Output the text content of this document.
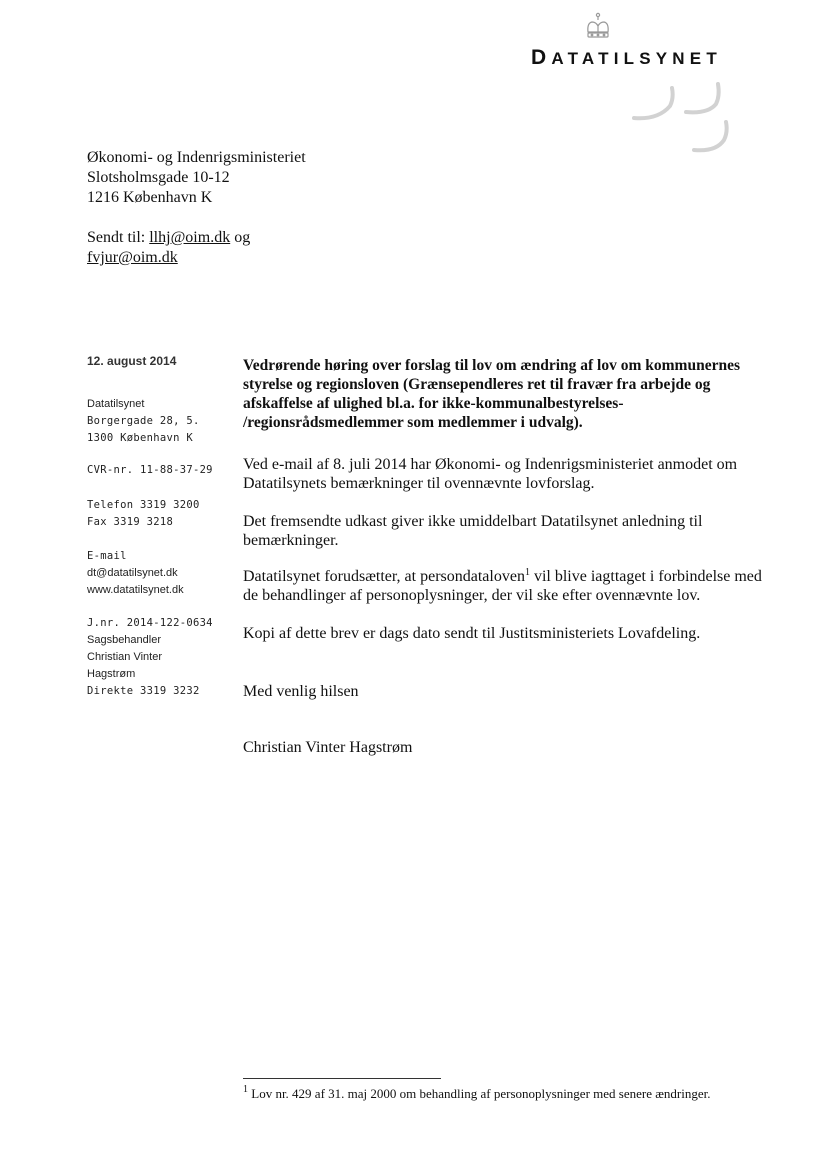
DATATILSYNET
Økonomi- og Indenrigsministeriet
Slotsholmsgade 10-12
1216 København K
Sendt til: llhj@oim.dk og
fvjur@oim.dk
12. august 2014
Datatilsynet
Borgergade 28, 5.
1300 København K
CVR-nr. 11-88-37-29
Telefon 3319 3200
Fax 3319 3218
E-mail
dt@datatilsynet.dk
www.datatilsynet.dk
J.nr. 2014-122-0634
Sagsbehandler
Christian Vinter
Hagstrøm
Direkte 3319 3232
Vedrørende høring over forslag til lov om ændring af lov om kommunernes styrelse og regionsloven (Grænsependleres ret til fravær fra arbejde og afskaffelse af ulighed bl.a. for ikke-kommunalbestyrelses- /regionsrådsmedlemmer som medlemmer i udvalg).
Ved e-mail af 8. juli 2014 har Økonomi- og Indenrigsministeriet anmodet om Datatilsynets bemærkninger til ovennævnte lovforslag.
Det fremsendte udkast giver ikke umiddelbart Datatilsynet anledning til bemærkninger.
Datatilsynet forudsætter, at persondataloven$^1$ vil blive iagttaget i forbindelse med de behandlinger af personoplysninger, der vil ske efter ovennævnte lov.
Kopi af dette brev er dags dato sendt til Justitsministeriets Lovafdeling.
Med venlig hilsen
Christian Vinter Hagstrøm
$^1$ Lov nr. 429 af 31. maj 2000 om behandling af personoplysninger med senere ændringer.
